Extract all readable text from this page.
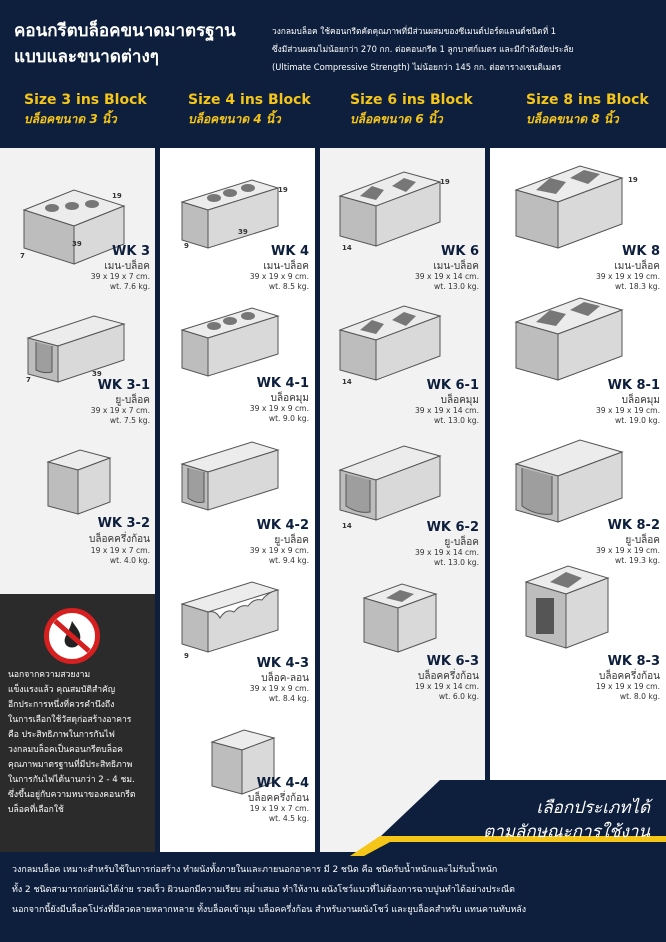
คอนกรีตบล็อคขนาดมาตรฐาน
แบบและขนาดต่างๆ
วงกลมบล็อค ใช้คอนกรีตคัดคุณภาพที่มีส่วนผสมของซีเมนต์ปอร์ตแลนด์ชนิดที่ 1
ซึ่งมีส่วนผสมไม่น้อยกว่า 270 กก. ต่อคอนกรีต 1 ลูกบาศก์เมตร และมีกำลังอัดประลัย
(Ultimate Compressive Strength) ไม่น้อยกว่า 145 กก. ต่อตารางเซนติเมตร
Size 3 ins Block
บล็อคขนาด 3 นิ้ว
Size 4 ins Block
บล็อคขนาด 4 นิ้ว
Size 6 ins Block
บล็อคขนาด 6 นิ้ว
Size 8 ins Block
บล็อคขนาด 8 นิ้ว
19
39
7	WK 3
เมน-บล็อค
39 x 19 x 7 cm.
wt. 7.6 kg.
39
7	WK 3-1
ยู-บล็อค
39 x 19 x 7 cm.
wt. 7.5 kg.
WK 3-2
บล็อคครึ่งก้อน
19 x 19 x 7 cm.
wt. 4.0 kg.
นอกจากความสวยงาม
แข็งแรงแล้ว คุณสมบัติสำคัญ
อีกประการหนึ่งที่ควรคำนึงถึง
ในการเลือกใช้วัสดุก่อสร้างอาคาร
คือ ประสิทธิภาพในการกันไฟ
วงกลมบล็อคเป็นคอนกรีตบล็อค
คุณภาพมาตรฐานที่มีประสิทธิภาพ
ในการกันไฟได้นานกว่า 2 - 4 ชม.
ซึ่งขึ้นอยู่กับความหนาของคอนกรีต
บล็อคที่เลือกใช้
19
39
9	WK 4
เมน-บล็อค
39 x 19 x 9 cm.
wt. 8.5 kg.
WK 4-1
บล็อคมุม
39 x 19 x 9 cm.
wt. 9.0 kg.
WK 4-2
ยู-บล็อค
39 x 19 x 9 cm.
wt. 9.4 kg.
9	WK 4-3
บล็อค-ลอน
39 x 19 x 9 cm.
wt. 8.4 kg.
WK 4-4
บล็อคครึ่งก้อน
19 x 19 x 7 cm.
wt. 4.5 kg.
19
14	WK 6
เมน-บล็อค
39 x 19 x 14 cm.
wt. 13.0 kg.
14	WK 6-1
บล็อคมุม
39 x 19 x 14 cm.
wt. 13.0 kg.
14	WK 6-2
ยู-บล็อค
39 x 19 x 14 cm.
wt. 13.0 kg.
WK 6-3
บล็อคครึ่งก้อน
19 x 19 x 14 cm.
wt. 6.0 kg.
19
WK 8
เมน-บล็อค
39 x 19 x 19 cm.
wt. 18.3 kg.
WK 8-1
บล็อคมุม
39 x 19 x 19 cm.
wt. 19.0 kg.
WK 8-2
ยู-บล็อค
39 x 19 x 19 cm.
wt. 19.3 kg.
WK 8-3
บล็อคครึ่งก้อน
19 x 19 x 19 cm.
wt. 8.0 kg.
เลือกประเภทได้
ตามลักษณะการใช้งาน
วงกลมบล็อค เหมาะสำหรับใช้ในการก่อสร้าง ทำผนังทั้งภายในและภายนอกอาคาร มี 2 ชนิด คือ ชนิดรับน้ำหนักและไม่รับน้ำหนัก
ทั้ง 2 ชนิดสามารถก่อผนังได้ง่าย รวดเร็ว ผิวนอกมีความเรียบ สม่ำเสมอ ทำให้งาน ผนังโชว์แนวที่ไม่ต้องการฉาบปูนทำได้อย่างประณีต
นอกจากนี้ยังมีบล็อคโปร่งที่มีลวดลายหลากหลาย ทั้งบล็อคเข้ามุม บล็อคครึ่งก้อน สำหรับงานผนังโชว์ และยูบล็อคสำหรับ แทนคานทับหลัง
